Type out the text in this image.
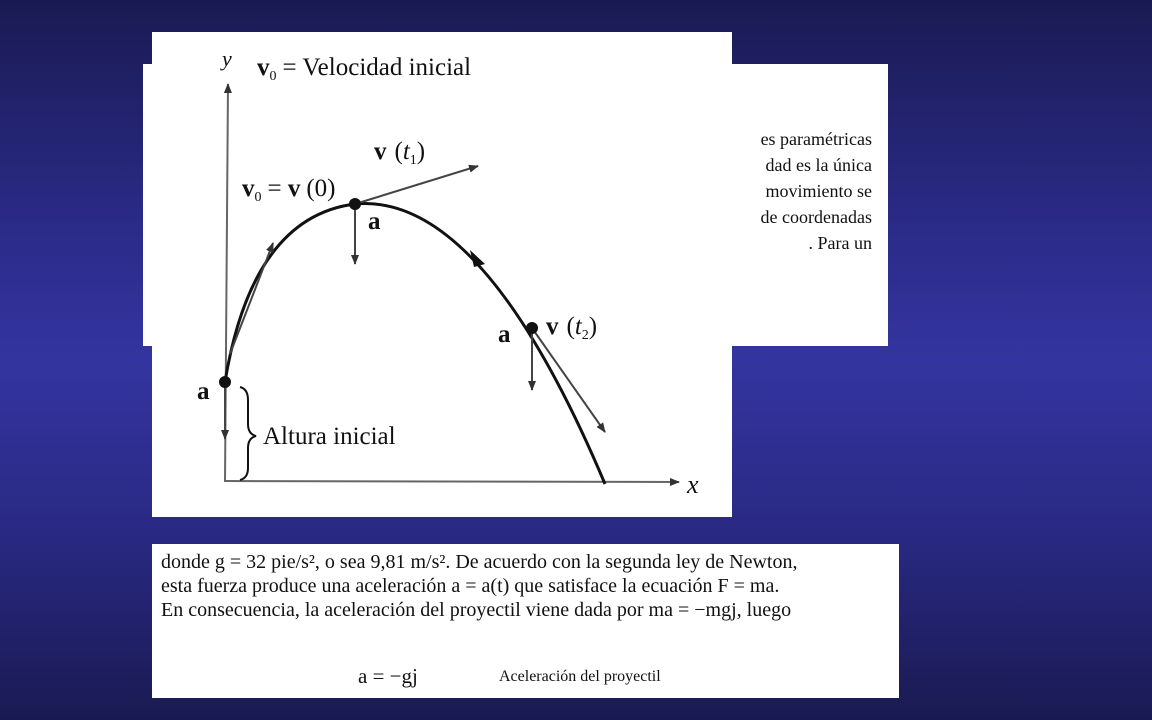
es paramétricas
dad es la única
movimiento se
de coordenadas
. Para un
y
x
$v_0$ = Velocidad inicial
v $(t_1)$
$v_0 = v$ (0)
a
a v $(t_2)$
a
Altura inicial
donde g = 32 pie/s², o sea 9,81 m/s². De acuerdo con la segunda ley de Newton,
esta fuerza produce una aceleración a = a(t) que satisface la ecuación F = ma.
En consecuencia, la aceleración del proyectil viene dada por ma = −mgj, luego
a = −gj	Aceleración del proyectil
